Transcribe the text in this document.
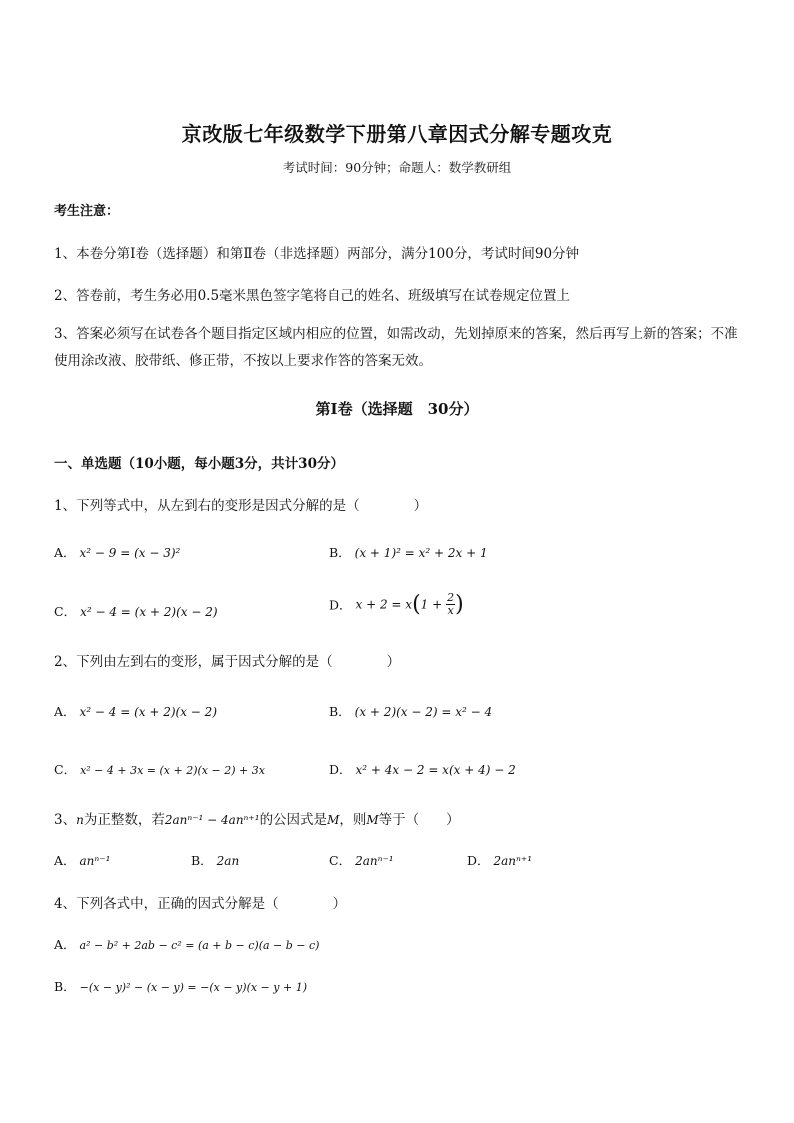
京改版七年级数学下册第八章因式分解专题攻克
考试时间：90分钟；命题人：数学教研组
考生注意：
1、本卷分第Ⅰ卷（选择题）和第Ⅱ卷（非选择题）两部分，满分100分，考试时间90分钟
2、答卷前，考生务必用0.5毫米黑色签字笔将自己的姓名、班级填写在试卷规定位置上
3、答案必须写在试卷各个题目指定区域内相应的位置，如需改动，先划掉原来的答案，然后再写上新的答案；不准使用涂改液、胶带纸、修正带，不按以上要求作答的答案无效。
第Ⅰ卷（选择题　30分）
一、单选题（10小题，每小题3分，共计30分）
1、下列等式中，从左到右的变形是因式分解的是（　　　　）
A． x² − 9 = (x − 3)²	B． (x + 1)² = x² + 2x + 1
C． x² − 4 = (x + 2)(x − 2)	D． $x + 2 = x(1 + \frac{2}{x}$ )
2、下列由左到右的变形，属于因式分解的是（　　　　）
A． x² − 4 = (x + 2)(x − 2)	B． (x + 2)(x − 2) = x² − 4
C． x² − 4 + 3x = (x + 2)(x − 2) + 3x	D． x² + 4x − 2 = x(x + 4) − 2
3、n为正整数，若2anⁿ⁻¹ − 4anⁿ⁺¹的公因式是M，则M等于（　　）
A． anⁿ⁻¹	B． 2an	C． 2anⁿ⁻¹	D． 2anⁿ⁺¹
4、下列各式中，正确的因式分解是（　　　　）
A． a² − b² + 2ab − c² = (a + b − c)(a − b − c)
B． −(x − y)² − (x − y) = −(x − y)(x − y + 1)
